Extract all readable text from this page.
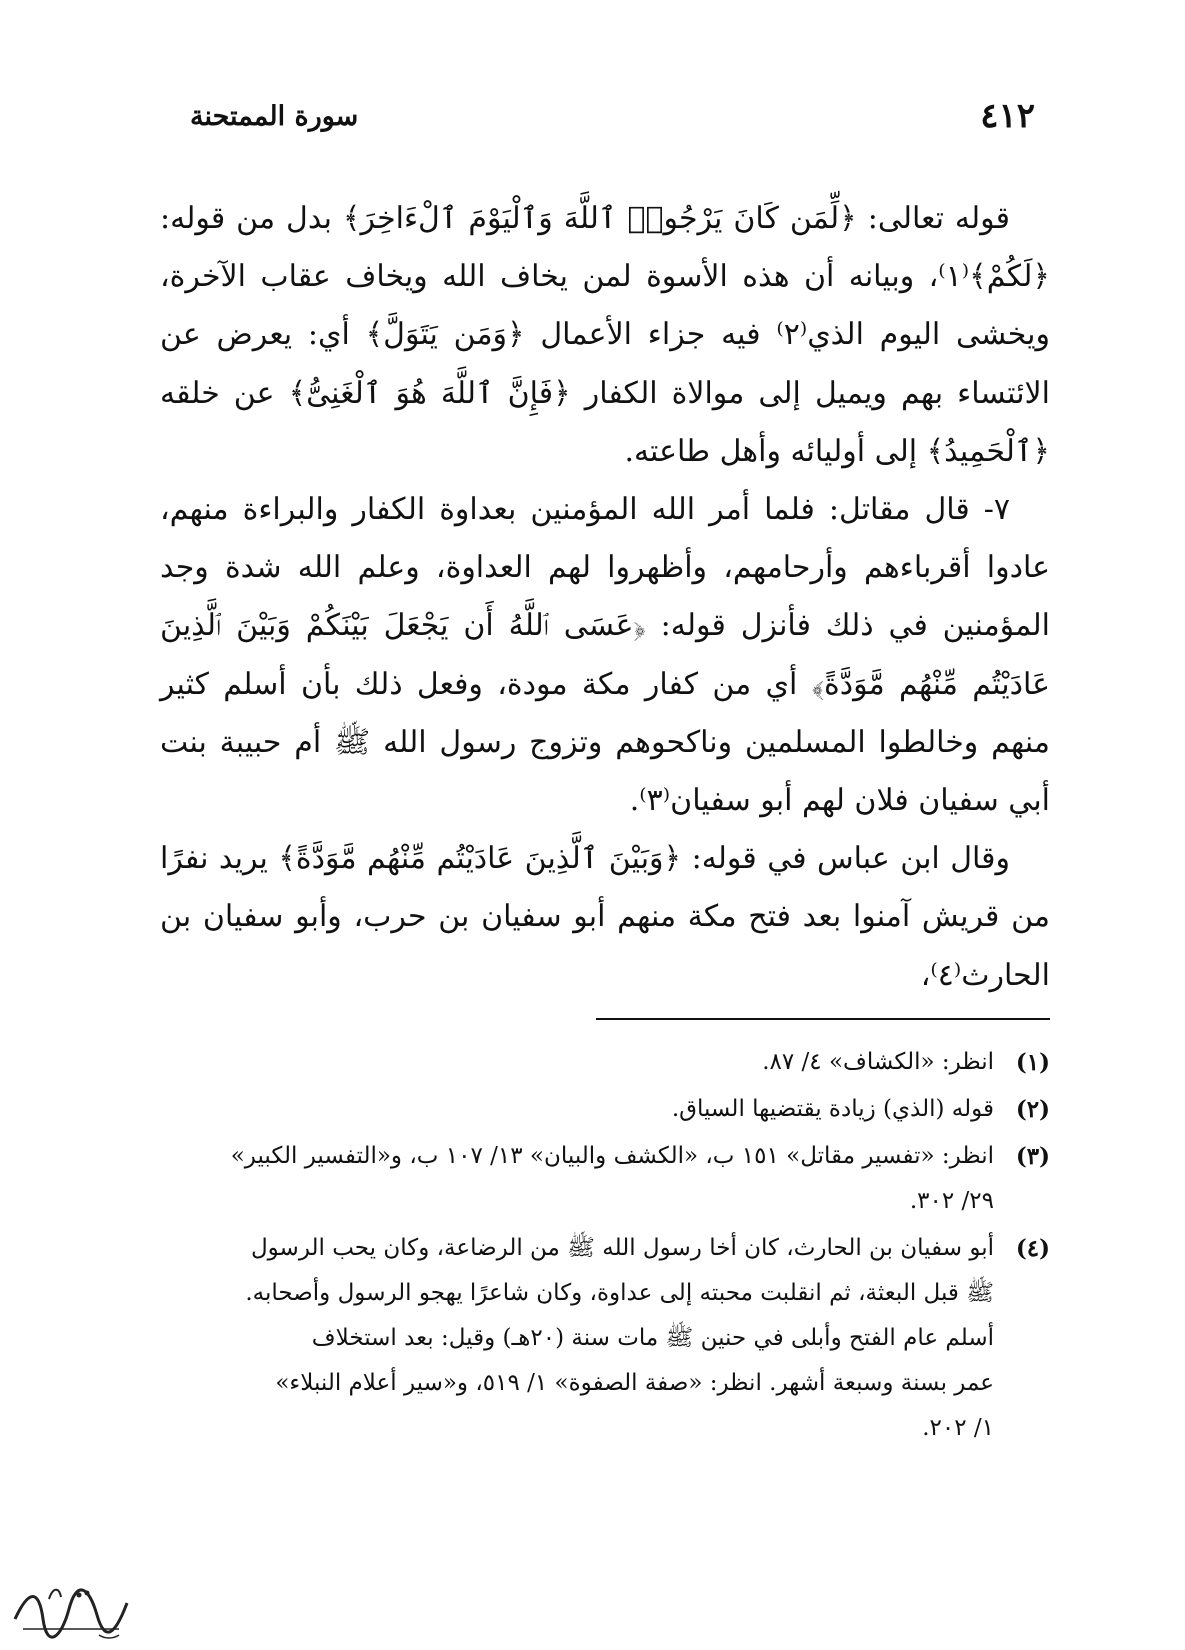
٤١٢
سورة الممتحنة

قوله تعالى: ﴿لِّمَن كَانَ يَرْجُوا۟ ٱللَّهَ وَٱلْيَوْمَ ٱلْءَاخِرَ﴾ بدل من قوله: ﴿لَكُمْ﴾⁽١⁾، وبيانه أن هذه الأسوة لمن يخاف الله ويخاف عقاب الآخرة، ويخشى اليوم الذي⁽٢⁾ فيه جزاء الأعمال ﴿وَمَن يَتَوَلَّ﴾ أي: يعرض عن الائتساء بهم ويميل إلى موالاة الكفار ﴿فَإِنَّ ٱللَّهَ هُوَ ٱلْغَنِىُّ﴾ عن خلقه ﴿ٱلْحَمِيدُ﴾ إلى أوليائه وأهل طاعته.

٧- قال مقاتل: فلما أمر الله المؤمنين بعداوة الكفار والبراءة منهم، عادوا أقرباءهم وأرحامهم، وأظهروا لهم العداوة، وعلم الله شدة وجد المؤمنين في ذلك فأنزل قوله: ﴿عَسَى ٱللَّهُ أَن يَجْعَلَ بَيْنَكُمْ وَبَيْنَ ٱلَّذِينَ عَادَيْتُم مِّنْهُم مَّوَدَّةً﴾ أي من كفار مكة مودة، وفعل ذلك بأن أسلم كثير منهم وخالطوا المسلمين وناكحوهم وتزوج رسول الله ﷺ أم حبيبة بنت أبي سفيان فلان لهم أبو سفيان⁽٣⁾.

وقال ابن عباس في قوله: ﴿وَبَيْنَ ٱلَّذِينَ عَادَيْتُم مِّنْهُم مَّوَدَّةً﴾ يريد نفرًا من قريش آمنوا بعد فتح مكة منهم أبو سفيان بن حرب، وأبو سفيان بن الحارث⁽٤⁾،

(١)
انظر: «الكشاف» ٤/ ٨٧.
(٢)
قوله (الذي) زيادة يقتضيها السياق.
(٣)
انظر: «تفسير مقاتل» ١٥١ ب، «الكشف والبيان» ١٣/ ١٠٧ ب، و«التفسير الكبير»
٢٩/ ٣٠٢.
(٤)
أبو سفيان بن الحارث، كان أخا رسول الله ﷺ من الرضاعة، وكان يحب الرسول
ﷺ قبل البعثة، ثم انقلبت محبته إلى عداوة، وكان شاعرًا يهجو الرسول وأصحابه.
أسلم عام الفتح وأبلى في حنين ﷺ مات سنة (٢٠هـ) وقيل: بعد استخلاف
عمر بسنة وسبعة أشهر. انظر: «صفة الصفوة» ١/ ٥١٩، و«سير أعلام النبلاء»
١/ ٢٠٢.
